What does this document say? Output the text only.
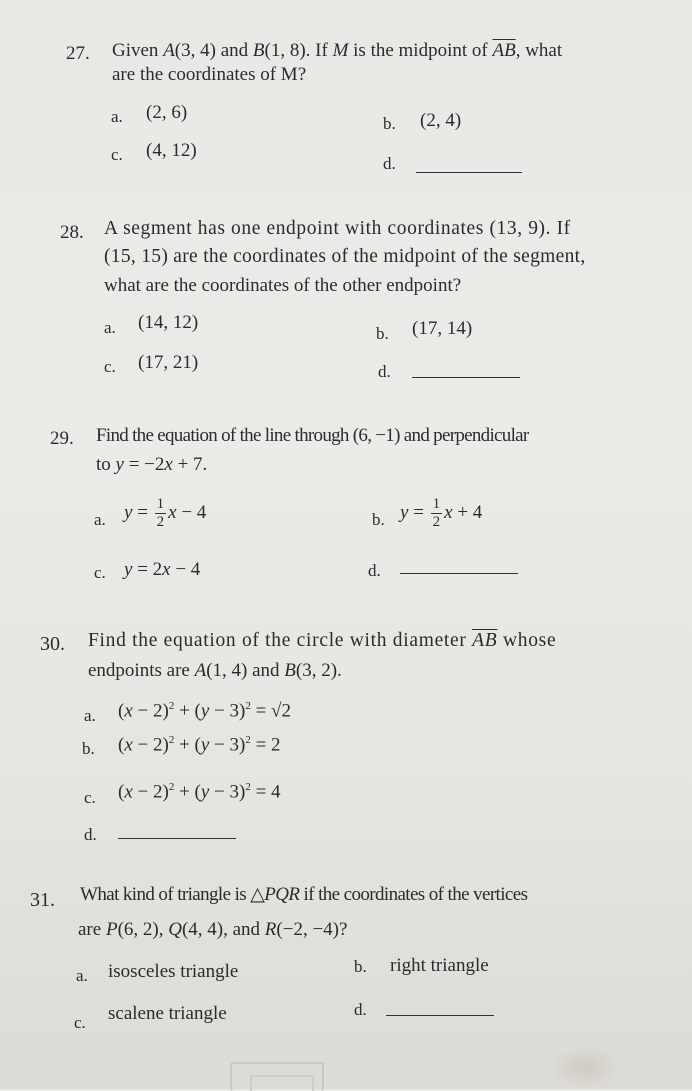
27. Given A(3, 4) and B(1, 8). If M is the midpoint of $\overline{AB}$, what
are the coordinates of M?
a. (2, 6)
b. (2, 4)
c. (4, 12)
d.
28. A segment has one endpoint with coordinates (13, 9). If
(15, 15) are the coordinates of the midpoint of the segment,
what are the coordinates of the other endpoint?
a. (14, 12)
b. (17, 14)
c. (17, 21)	d.
29. Find the equation of the line through (6, −1) and perpendicular
to y = −2x + 7.
a. $y = \frac{1}{2}$ x − 4	b. $y = \frac{1}{2}$ x + 4
c. y = 2x − 4	d.
30. Find the equation of the circle with diameter $\overline{AB}$ whose
endpoints are A(1, 4) and B(3, 2).
a. $(x - 2)^2 + (y - 3)^2 = √2$
b. $(x - 2)^2 + (y - 3)^2 = 2$
c. $(x - 2)^2 + (y - 3)^2 = 4$
d.
31. What kind of triangle is △PQR if the coordinates of the vertices
are P(6, 2), Q(4, 4), and R(−2, −4)?
a. isosceles triangle	b. right triangle
c. scalene triangle	d.
